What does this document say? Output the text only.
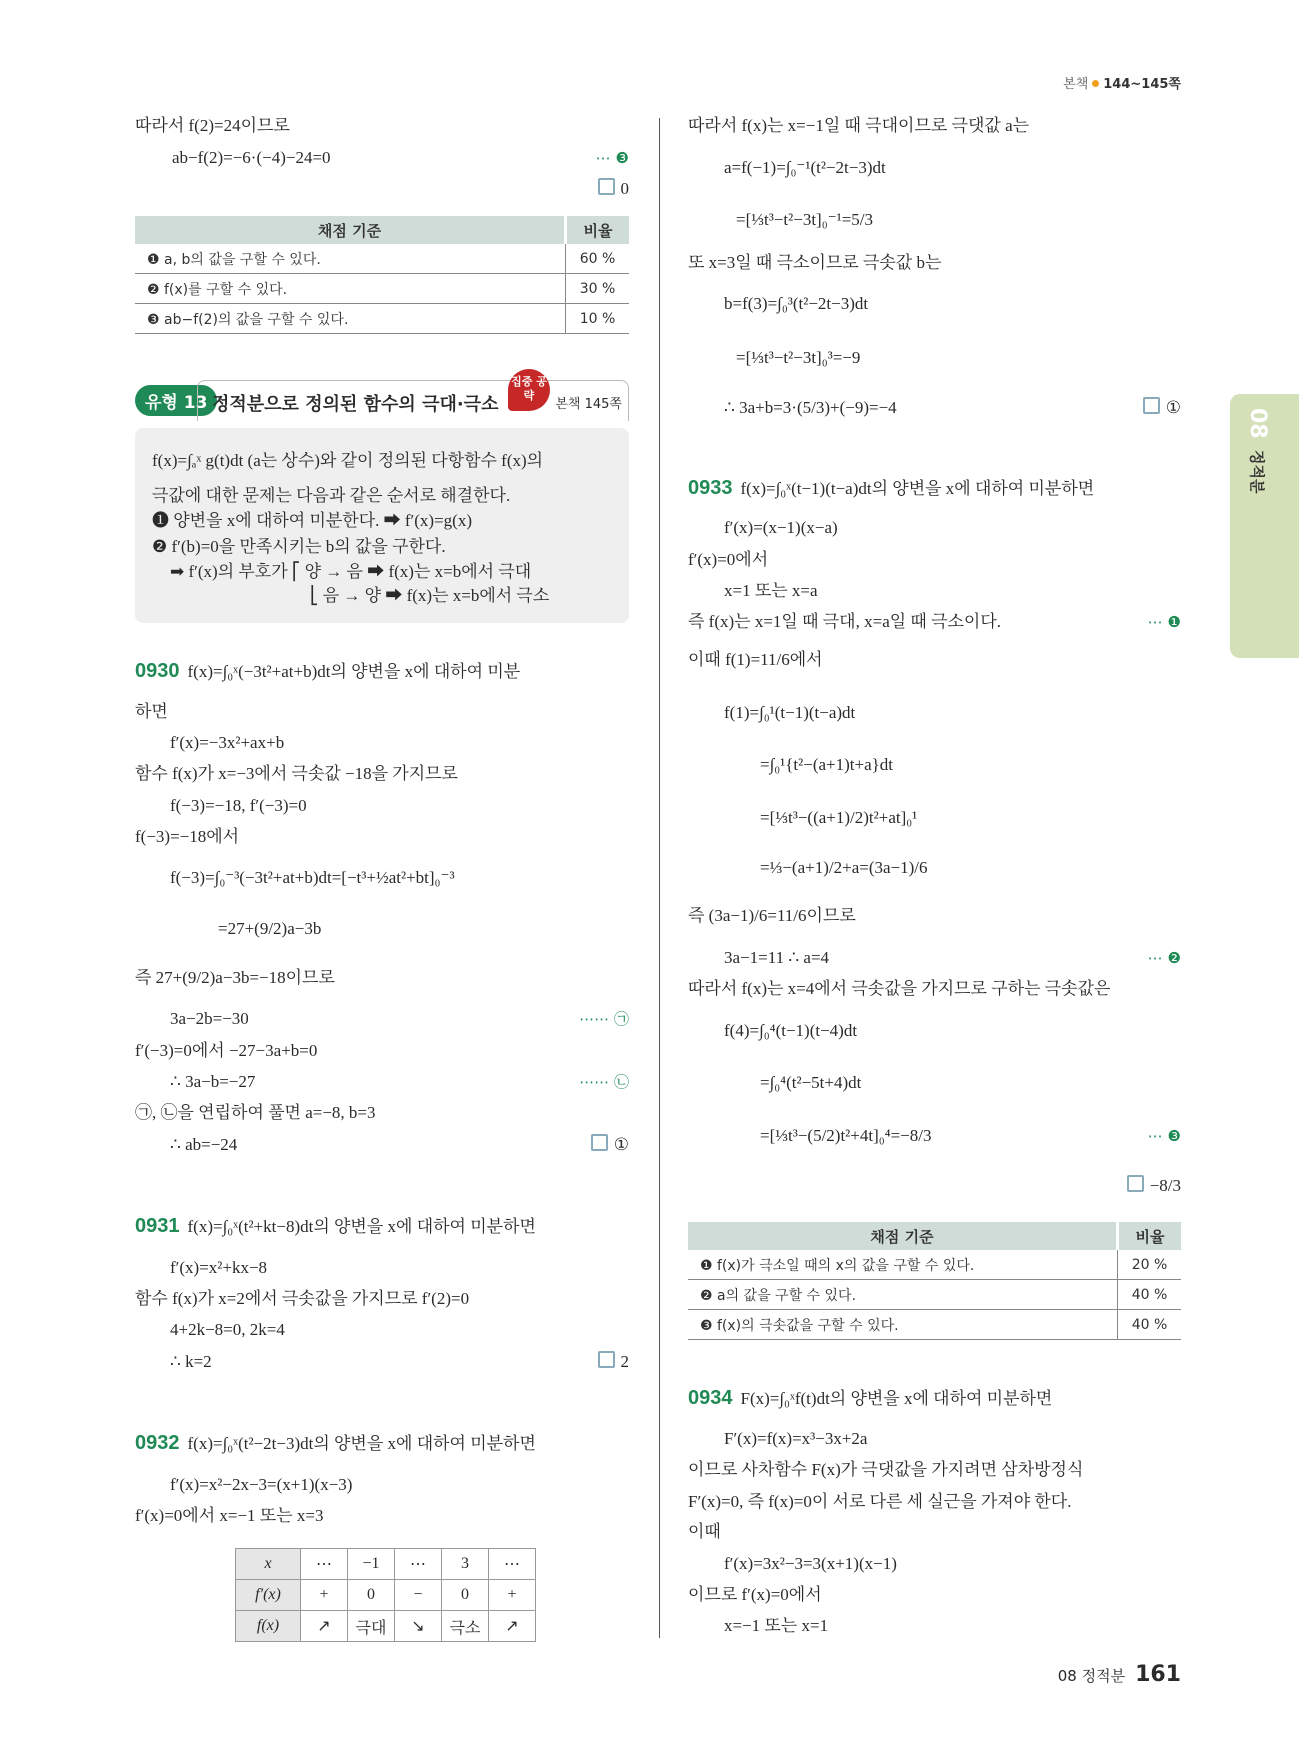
본책 144~145쪽
08
정적분
유형 13 정적분으로 정의된 함수의 극대·극소
집중 공략
본책 145쪽
채점 기준	비율
❶ a, b의 값을 구할 수 있다.	60 %
❷ f(x)를 구할 수 있다.	30 %
❸ ab−f(2)의 값을 구할 수 있다.	10 %
채점 기준	비율
❶ f(x)가 극소일 때의 x의 값을 구할 수 있다.	20 %
❷ a의 값을 구할 수 있다.	40 %
❸ f(x)의 극솟값을 구할 수 있다.	40 %
x	⋯	−1	⋯	3	⋯
f′(x)	+	0	−	0	+
f(x)	↗	극대	↘	극소	↗
08 정적분 161
따라서 f(2)=24이므로
ab−f(2)=−6·(−4)−24=0	⋯ ❸
0
f(x)=∫ₐˣ g(t)dt (a는 상수)와 같이 정의된 다항함수 f(x)의
극값에 대한 문제는 다음과 같은 순서로 해결한다.
❶ 양변을 x에 대하여 미분한다. ➡ f′(x)=g(x)
❷ f′(b)=0을 만족시키는 b의 값을 구한다.
➡ f′(x)의 부호가 ⎡ 양 → 음 ➡ f(x)는 x=b에서 극대
⎣ 음 → 양 ➡ f(x)는 x=b에서 극소
0930 f(x)=∫₀ˣ(−3t²+at+b)dt의 양변을 x에 대하여 미분
하면
f′(x)=−3x²+ax+b
함수 f(x)가 x=−3에서 극솟값 −18을 가지므로
f(−3)=−18, f′(−3)=0
f(−3)=−18에서
f(−3)=∫₀⁻³(−3t²+at+b)dt=[−t³+½at²+bt]₀⁻³
=27+(9/2)a−3b
즉 27+(9/2)a−3b=−18이므로
3a−2b=−30
f′(−3)=0에서 −27−3a+b=0
∴ 3a−b=−27
㉠, ㉡을 연립하여 풀면 a=−8, b=3
∴ ab=−24
⋯⋯ ㉠
⋯⋯ ㉡
①
0931 f(x)=∫₀ˣ(t²+kt−8)dt의 양변을 x에 대하여 미분하면
f′(x)=x²+kx−8
함수 f(x)가 x=2에서 극솟값을 가지므로 f′(2)=0
4+2k−8=0, 2k=4
∴ k=2	2
0932 f(x)=∫₀ˣ(t²−2t−3)dt의 양변을 x에 대하여 미분하면
f′(x)=x²−2x−3=(x+1)(x−3)
f′(x)=0에서 x=−1 또는 x=3
따라서 f(x)는 x=−1일 때 극대이므로 극댓값 a는
a=f(−1)=∫₀⁻¹(t²−2t−3)dt
=[⅓t³−t²−3t]₀⁻¹=5/3
또 x=3일 때 극소이므로 극솟값 b는
b=f(3)=∫₀³(t²−2t−3)dt
=[⅓t³−t²−3t]₀³=−9
∴ 3a+b=3·(5/3)+(−9)=−4	①
0933 f(x)=∫₀ˣ(t−1)(t−a)dt의 양변을 x에 대하여 미분하면
f′(x)=(x−1)(x−a)
f′(x)=0에서
x=1 또는 x=a
즉 f(x)는 x=1일 때 극대, x=a일 때 극소이다.
이때 f(1)=11/6에서
f(1)=∫₀¹(t−1)(t−a)dt
=∫₀¹{t²−(a+1)t+a}dt
=[⅓t³−((a+1)/2)t²+at]₀¹
=⅓−(a+1)/2+a=(3a−1)/6
즉 (3a−1)/6=11/6이므로
3a−1=11 ∴ a=4
따라서 f(x)는 x=4에서 극솟값을 가지므로 구하는 극솟값은
f(4)=∫₀⁴(t−1)(t−4)dt
=∫₀⁴(t²−5t+4)dt
=[⅓t³−(5/2)t²+4t]₀⁴=−8/3
⋯ ❶
⋯ ❷
⋯ ❸
−8/3
0934 F(x)=∫₀ˣf(t)dt의 양변을 x에 대하여 미분하면
F′(x)=f(x)=x³−3x+2a
이므로 사차함수 F(x)가 극댓값을 가지려면 삼차방정식
F′(x)=0, 즉 f(x)=0이 서로 다른 세 실근을 가져야 한다.
이때
f′(x)=3x²−3=3(x+1)(x−1)
이므로 f′(x)=0에서
x=−1 또는 x=1
